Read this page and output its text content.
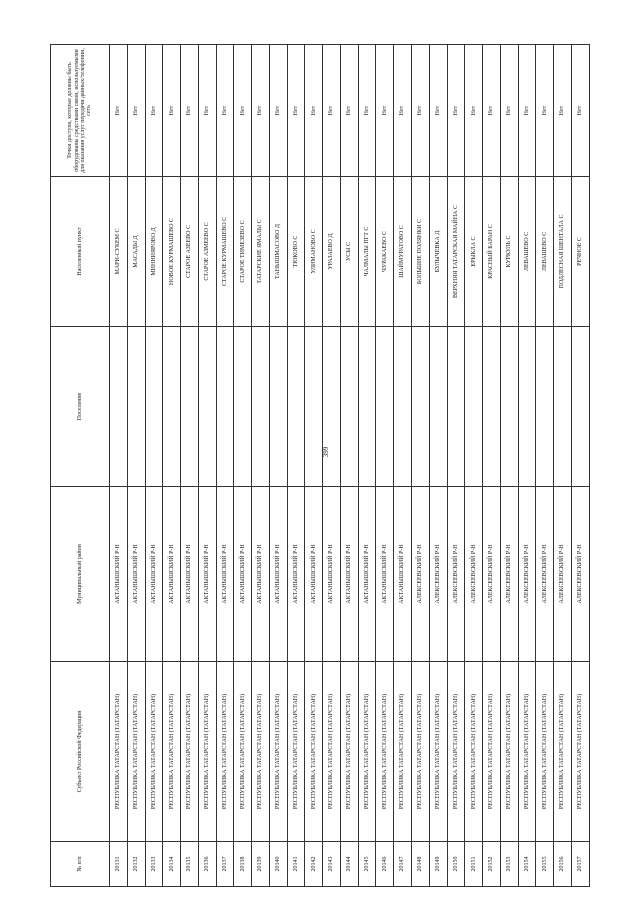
399
№ п/п	Субъект Российской Федерации	Муниципальный район	Поселение	Населенный пункт	Точки доступа, которые должны быть оборудованы средствами связи, используемыми для оказания услуг передачи данных/телефонии, сеть
20131	РЕСПУБЛИКА ТАТАРСТАН (ТАТАРСТАН)	АКТАНЫШСКИЙ Р-Н		МАРИ-СУКЕМ С	Нет
20132	РЕСПУБЛИКА ТАТАРСТАН (ТАТАРСТАН)	АКТАНЫШСКИЙ Р-Н		МАСАДЫ Д	Нет
20133	РЕСПУБЛИКА ТАТАРСТАН (ТАТАРСТАН)	АКТАНЫШСКИЙ Р-Н		МИННИЯРОВО Д	Нет
20134	РЕСПУБЛИКА ТАТАРСТАН (ТАТАРСТАН)	АКТАНЫШСКИЙ Р-Н		НОВОЕ КУРМАШЕВО С	Нет
20135	РЕСПУБЛИКА ТАТАРСТАН (ТАТАРСТАН)	АКТАНЫШСКИЙ Р-Н		СТАРОЕ АЗЕЕВО С	Нет
20136	РЕСПУБЛИКА ТАТАРСТАН (ТАТАРСТАН)	АКТАНЫШСКИЙ Р-Н		СТАРОЕ АЗМЕЕВО С	Нет
20137	РЕСПУБЛИКА ТАТАРСТАН (ТАТАРСТАН)	АКТАНЫШСКИЙ Р-Н		СТАРОЕ КУРМАШЕВО С	Нет
20138	РЕСПУБЛИКА ТАТАРСТАН (ТАТАРСТАН)	АКТАНЫШСКИЙ Р-Н		СТАРОЕ ТИМЕЗЕВО С	Нет
20139	РЕСПУБЛИКА ТАТАРСТАН (ТАТАРСТАН)	АКТАНЫШСКИЙ Р-Н		ТАТАРСКИЕ ЯМАЛЫ С	Нет
20140	РЕСПУБЛИКА ТАТАРСТАН (ТАТАРСТАН)	АКТАНЫШСКИЙ Р-Н		ТАНЫШМАСОВО Д	Нет
20141	РЕСПУБЛИКА ТАТАРСТАН (ТАТАРСТАН)	АКТАНЫШСКИЙ Р-Н		ТЮКОВО С	Нет
20142	РЕСПУБЛИКА ТАТАРСТАН (ТАТАРСТАН)	АКТАНЫШСКИЙ Р-Н		УЛИМАНОВО С	Нет
20143	РЕСПУБЛИКА ТАТАРСТАН (ТАТАРСТАН)	АКТАНЫШСКИЙ Р-Н		УРАЗАЕВО Д	Нет
20144	РЕСПУБЛИКА ТАТАРСТАН (ТАТАРСТАН)	АКТАНЫШСКИЙ Р-Н		УСЫ С	Нет
20145	РЕСПУБЛИКА ТАТАРСТАН (ТАТАРСТАН)	АКТАНЫШСКИЙ Р-Н		ЧАЛМАЛЫ ПГТ С	Нет
20146	РЕСПУБЛИКА ТАТАРСТАН (ТАТАРСТАН)	АКТАНЫШСКИЙ Р-Н		ЧУРАКАЕВО С	Нет
20147	РЕСПУБЛИКА ТАТАРСТАН (ТАТАРСТАН)	АКТАНЫШСКИЙ Р-Н		ШАЙМУРАТОВО С	Нет
20148	РЕСПУБЛИКА ТАТАРСТАН (ТАТАРСТАН)	АЛЕКСЕЕВСКИЙ Р-Н		БОЛЬШИЕ ПОЛЯНКИ С	Нет
20149	РЕСПУБЛИКА ТАТАРСТАН (ТАТАРСТАН)	АЛЕКСЕЕВСКИЙ Р-Н		БУЛЫЧЕВКА Д	Нет
20150	РЕСПУБЛИКА ТАТАРСТАН (ТАТАРСТАН)	АЛЕКСЕЕВСКИЙ Р-Н		ВЕРХНЯЯ ТАТАРСКАЯ МАЙНА С	Нет
20151	РЕСПУБЛИКА ТАТАРСТАН (ТАТАРСТАН)	АЛЕКСЕЕВСКИЙ Р-Н		ЕРЫКЛА С	Нет
20152	РЕСПУБЛИКА ТАТАРСТАН (ТАТАРСТАН)	АЛЕКСЕЕВСКИЙ Р-Н		КРАСНЫЙ БАРАН С	Нет
20153	РЕСПУБЛИКА ТАТАРСТАН (ТАТАРСТАН)	АЛЕКСЕЕВСКИЙ Р-Н		КУРКУЛЬ С	Нет
20154	РЕСПУБЛИКА ТАТАРСТАН (ТАТАРСТАН)	АЛЕКСЕЕВСКИЙ Р-Н		ЛЕВАШЕВО С	Нет
20155	РЕСПУБЛИКА ТАТАРСТАН (ТАТАРСТАН)	АЛЕКСЕЕВСКИЙ Р-Н		ЛЕВАШЕВО С	Нет
20156	РЕСПУБЛИКА ТАТАРСТАН (ТАТАРСТАН)	АЛЕКСЕЕВСКИЙ Р-Н		ПОДЛЕСНАЯ ШЕНТАЛА С	Нет
20157	РЕСПУБЛИКА ТАТАРСТАН (ТАТАРСТАН)	АЛЕКСЕЕВСКИЙ Р-Н		РЕЧНОЕ С	Нет
